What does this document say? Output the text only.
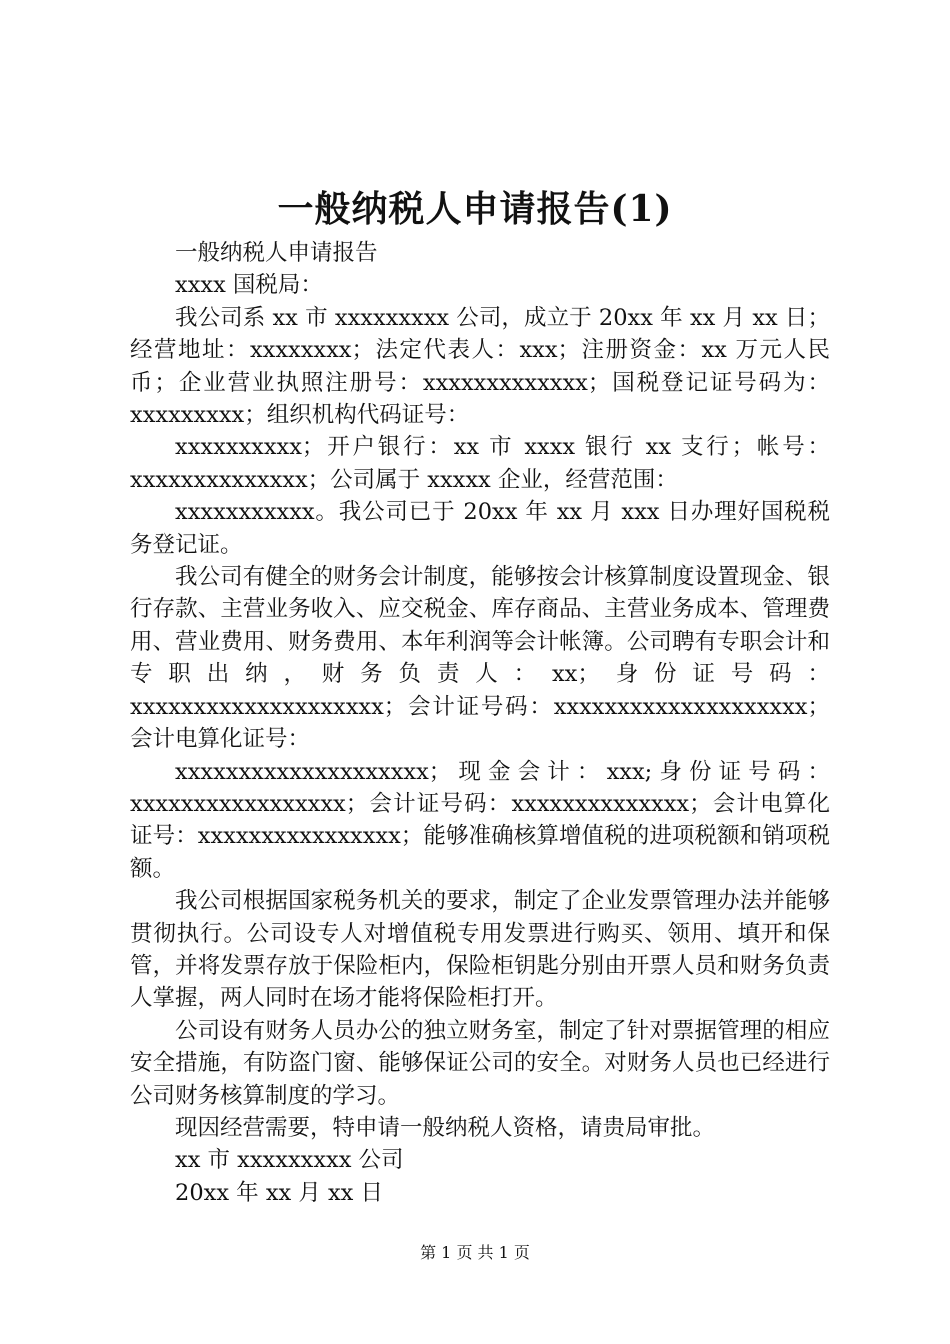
一般纳税人申请报告(1)

一般纳税人申请报告

xxxx 国税局：

我公司系 xx 市 xxxxxxxxx 公司，成立于 20xx 年 xx 月 xx 日；经营地址：xxxxxxxx；法定代表人：xxx；注册资金：xx 万元人民币；企业营业执照注册号：xxxxxxxxxxxxx；国税登记证号码为：xxxxxxxxx；组织机构代码证号：

xxxxxxxxxx；开户银行：xx 市 xxxx 银行 xx 支行；帐号：xxxxxxxxxxxxxx；公司属于 xxxxx 企业，经营范围：

xxxxxxxxxxx。我公司已于 20xx 年 xx 月 xxx 日办理好国税税务登记证。

我公司有健全的财务会计制度，能够按会计核算制度设置现金、银行存款、主营业务收入、应交税金、库存商品、主营业务成本、管理费用、营业费用、财务费用、本年利润等会计帐簿。公司聘有专职会计和专职出纳，财务负责人：xx；身份证号码：xxxxxxxxxxxxxxxxxxxx；会计证号码：xxxxxxxxxxxxxxxxxxxx；会计电算化证号：

xxxxxxxxxxxxxxxxxxxx；现金会计：xxx;身份证号码：xxxxxxxxxxxxxxxxx；会计证号码：xxxxxxxxxxxxxx；会计电算化证号：xxxxxxxxxxxxxxxx；能够准确核算增值税的进项税额和销项税额。

我公司根据国家税务机关的要求，制定了企业发票管理办法并能够贯彻执行。公司设专人对增值税专用发票进行购买、领用、填开和保管，并将发票存放于保险柜内，保险柜钥匙分别由开票人员和财务负责人掌握，两人同时在场才能将保险柜打开。

公司设有财务人员办公的独立财务室，制定了针对票据管理的相应安全措施，有防盗门窗、能够保证公司的安全。对财务人员也已经进行公司财务核算制度的学习。

现因经营需要，特申请一般纳税人资格，请贵局审批。

xx 市 xxxxxxxxx 公司

20xx 年 xx 月 xx 日

第 1 页 共 1 页
